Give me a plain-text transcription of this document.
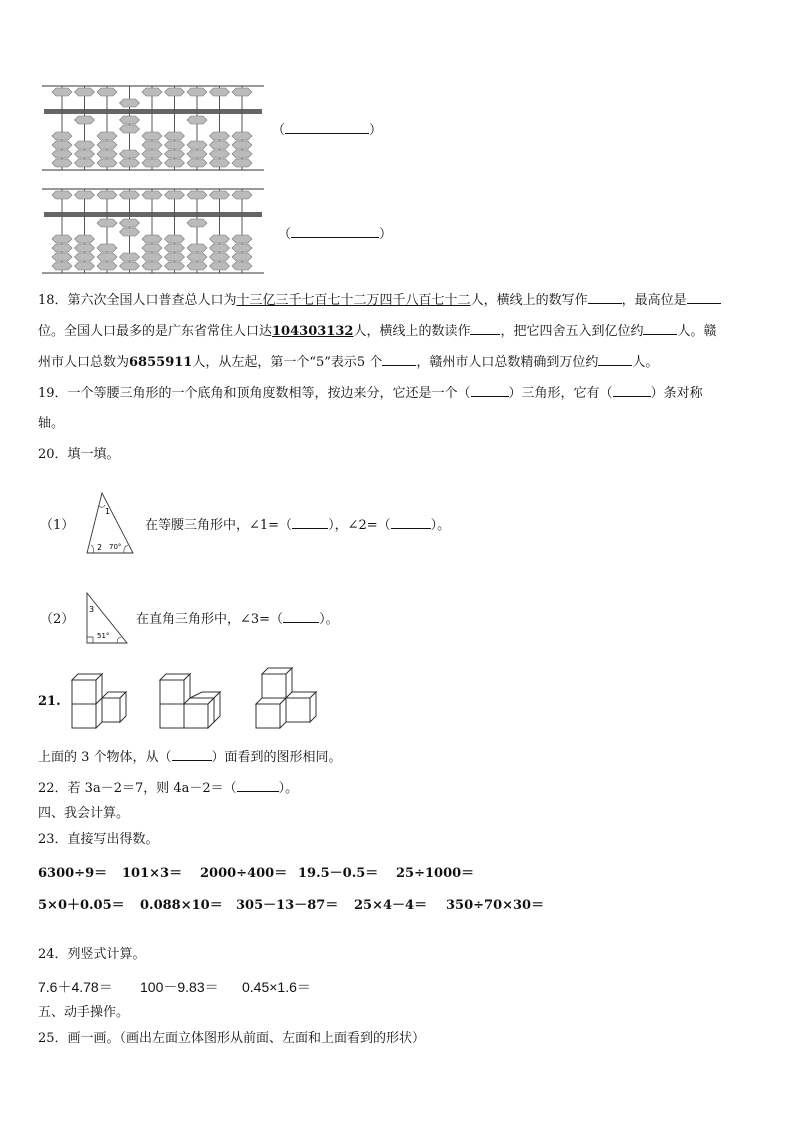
（	）
（	）
18．第六次全国人口普查总人口为十三亿三千七百七十二万四千八百七十二人，横线上的数写作	，最高位是
位。全国人口最多的是广东省常住人口达104303132人，横线上的数读作 ，把它四舍五入到亿位约	人。赣
州市人口总数为6855911人，从左起，第一个“5”表示5 个	，赣州市人口总数精确到万位约	人。
19．一个等腰三角形的一个底角和顶角度数相等，按边来分，它还是一个（	）三角形，它有（	）条对称
轴。
20．填一填。
（1）
1
2 70°
在等腰三角形中，∠1=（	），∠2=（	）。
（2）
3
51°
在直角三角形中，∠3=（	）。
21.
上面的 3 个物体，从（	）面看到的图形相同。
22．若 3a－2＝7，则 4a－2＝（	）。
四、我会计算。
23．直接写出得数。
6300÷9＝ 101×3＝ 2000÷400＝ 19.5－0.5＝ 25÷1000＝
5×0＋0.05＝ 0.088×10＝ 305－13－87＝ 25×4－4＝ 350÷70×30＝
24．列竖式计算。
7.6＋4.78＝ 100－9.83＝ 0.45×1.6＝
五、动手操作。
25．画一画。（画出左面立体图形从前面、左面和上面看到的形状）
